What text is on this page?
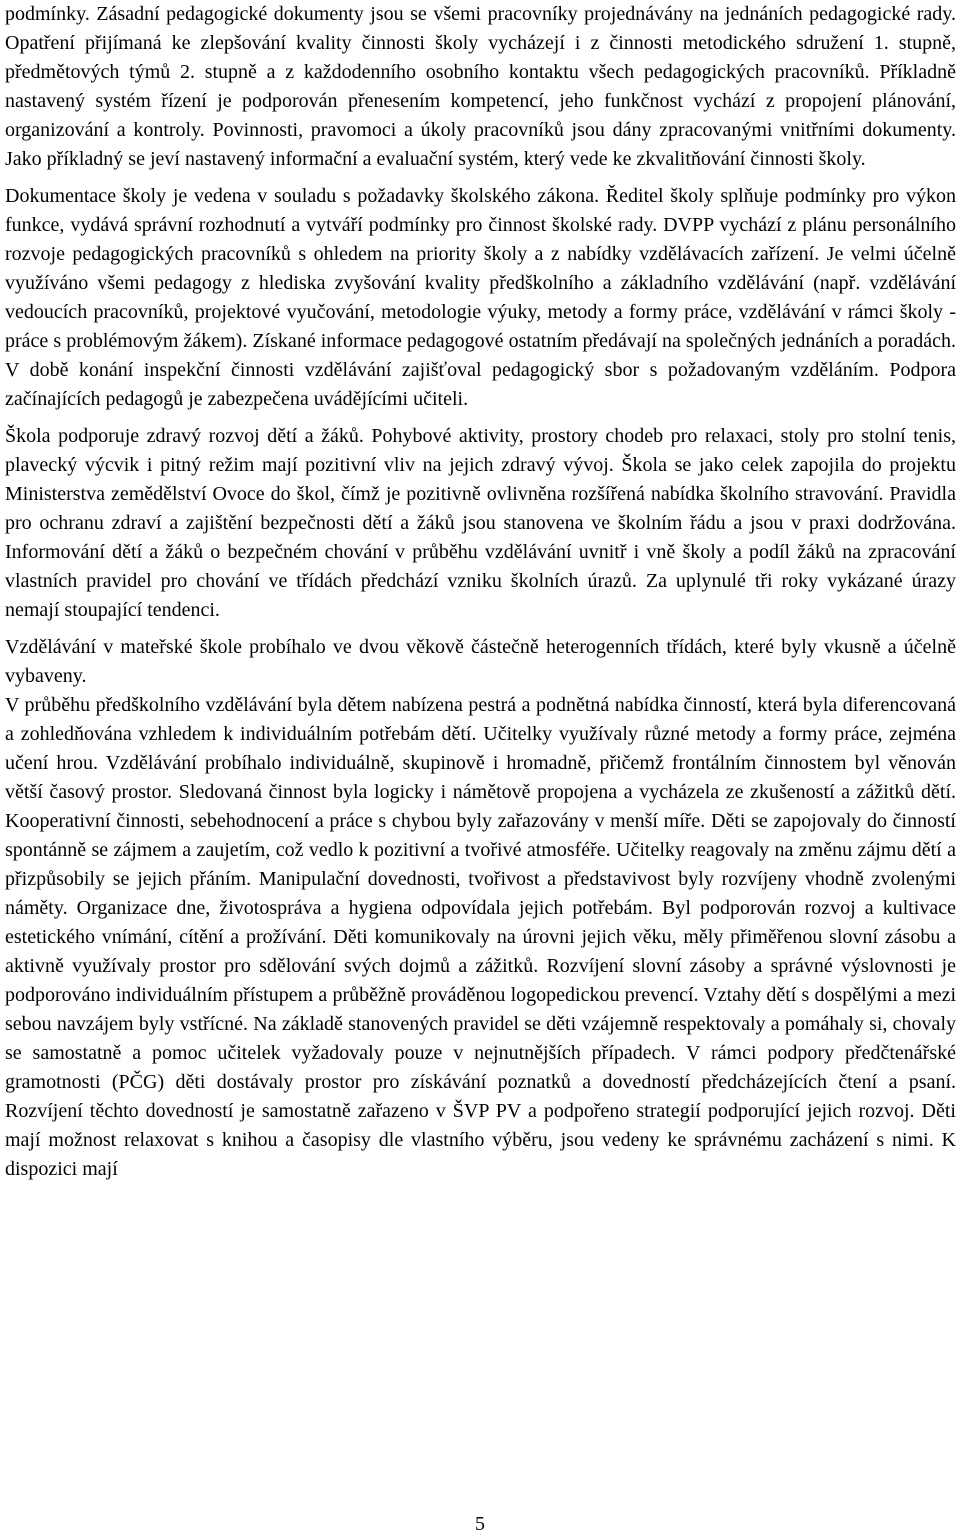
podmínky. Zásadní pedagogické dokumenty jsou se všemi pracovníky projednávány na jednáních pedagogické rady. Opatření přijímaná ke zlepšování kvality činnosti školy vycházejí i z činnosti metodického sdružení 1. stupně, předmětových týmů 2. stupně a z každodenního osobního kontaktu všech pedagogických pracovníků. Příkladně nastavený systém řízení je podporován přenesením kompetencí, jeho funkčnost vychází z propojení plánování, organizování a kontroly. Povinnosti, pravomoci a úkoly pracovníků jsou dány zpracovanými vnitřními dokumenty. Jako příkladný se jeví nastavený informační a evaluační systém, který vede ke zkvalitňování činnosti školy.

Dokumentace školy je vedena v souladu s požadavky školského zákona. Ředitel školy splňuje podmínky pro výkon funkce, vydává správní rozhodnutí a vytváří podmínky pro činnost školské rady. DVPP vychází z plánu personálního rozvoje pedagogických pracovníků s ohledem na priority školy a z nabídky vzdělávacích zařízení. Je velmi účelně využíváno všemi pedagogy z hlediska zvyšování kvality předškolního a základního vzdělávání (např. vzdělávání vedoucích pracovníků, projektové vyučování, metodologie výuky, metody a formy práce, vzdělávání v rámci školy - práce s problémovým žákem). Získané informace pedagogové ostatním předávají na společných jednáních a poradách. V době konání inspekční činnosti vzdělávání zajišťoval pedagogický sbor s požadovaným vzděláním. Podpora začínajících pedagogů je zabezpečena uvádějícími učiteli.

Škola podporuje zdravý rozvoj dětí a žáků. Pohybové aktivity, prostory chodeb pro relaxaci, stoly pro stolní tenis, plavecký výcvik i pitný režim mají pozitivní vliv na jejich zdravý vývoj. Škola se jako celek zapojila do projektu Ministerstva zemědělství Ovoce do škol, čímž je pozitivně ovlivněna rozšířená nabídka školního stravování. Pravidla pro ochranu zdraví a zajištění bezpečnosti dětí a žáků jsou stanovena ve školním řádu a jsou v praxi dodržována. Informování dětí a žáků o bezpečném chování v průběhu vzdělávání uvnitř i vně školy a podíl žáků na zpracování vlastních pravidel pro chování ve třídách předchází vzniku školních úrazů. Za uplynulé tři roky vykázané úrazy nemají stoupající tendenci.

Vzdělávání v mateřské škole probíhalo ve dvou věkově částečně heterogenních třídách, které byly vkusně a účelně vybaveny.

V průběhu předškolního vzdělávání byla dětem nabízena pestrá a podnětná nabídka činností, která byla diferencovaná a zohledňována vzhledem k individuálním potřebám dětí. Učitelky využívaly různé metody a formy práce, zejména učení hrou. Vzdělávání probíhalo individuálně, skupinově i hromadně, přičemž frontálním činnostem byl věnován větší časový prostor. Sledovaná činnost byla logicky i námětově propojena a vycházela ze zkušeností a zážitků dětí. Kooperativní činnosti, sebehodnocení a práce s chybou byly zařazovány v menší míře. Děti se zapojovaly do činností spontánně se zájmem a zaujetím, což vedlo k pozitivní a tvořivé atmosféře. Učitelky reagovaly na změnu zájmu dětí a přizpůsobily se jejich přáním. Manipulační dovednosti, tvořivost a představivost byly rozvíjeny vhodně zvolenými náměty. Organizace dne, životospráva a hygiena odpovídala jejich potřebám. Byl podporován rozvoj a kultivace estetického vnímání, cítění a prožívání. Děti komunikovaly na úrovni jejich věku, měly přiměřenou slovní zásobu a aktivně využívaly prostor pro sdělování svých dojmů a zážitků. Rozvíjení slovní zásoby a správné výslovnosti je podporováno individuálním přístupem a průběžně prováděnou logopedickou prevencí. Vztahy dětí s dospělými a mezi sebou navzájem byly vstřícné. Na základě stanovených pravidel se děti vzájemně respektovaly a pomáhaly si, chovaly se samostatně a pomoc učitelek vyžadovaly pouze v nejnutnějších případech. V rámci podpory předčtenářské gramotnosti (PČG) děti dostávaly prostor pro získávání poznatků a dovedností předcházejících čtení a psaní. Rozvíjení těchto dovedností je samostatně zařazeno v ŠVP PV a podpořeno strategií podporující jejich rozvoj. Děti mají možnost relaxovat s knihou a časopisy dle vlastního výběru, jsou vedeny ke správnému zacházení s nimi. K dispozici mají

5
